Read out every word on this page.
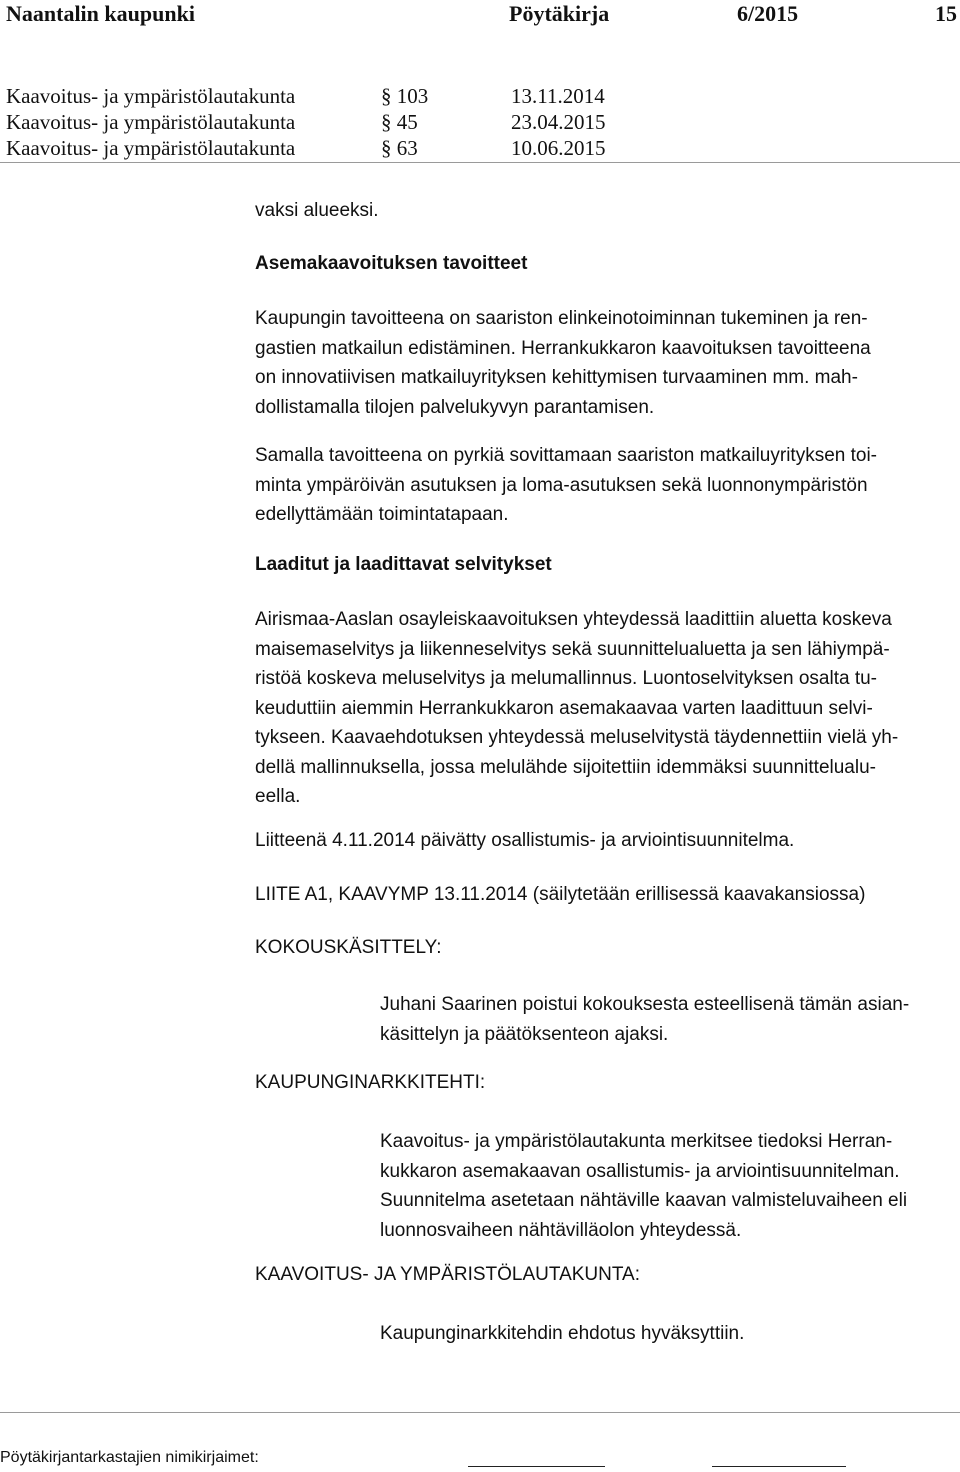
Naantalin kaupunki	Pöytäkirja	6/2015	15
Kaavoitus- ja ympäristölautakunta	§ 103	13.11.2014
Kaavoitus- ja ympäristölautakunta	§ 45	23.04.2015
Kaavoitus- ja ympäristölautakunta	§ 63	10.06.2015
vaksi alueeksi.
Asemakaavoituksen tavoitteet
Kaupungin tavoitteena on saariston elinkeinotoiminnan tukeminen ja ren-
gastien matkailun edistäminen. Herrankukkaron kaavoituksen tavoitteena
on innovatiivisen matkailuyrityksen kehittymisen turvaaminen mm. mah-
dollistamalla tilojen palvelukyvyn parantamisen.
Samalla tavoitteena on pyrkiä sovittamaan saariston matkailuyrityksen toi-
minta ympäröivän asutuksen ja loma-asutuksen sekä luonnonympäristön
edellyttämään toimintatapaan.
Laaditut ja laadittavat selvitykset
Airismaa-Aaslan osayleiskaavoituksen yhteydessä laadittiin aluetta koskeva
maisemaselvitys ja liikenneselvitys sekä suunnittelualuetta ja sen lähiympä-
ristöä koskeva meluselvitys ja melumallinnus. Luontoselvityksen osalta tu-
keuduttiin aiemmin Herrankukkaron asemakaavaa varten laadittuun selvi-
tykseen. Kaavaehdotuksen yhteydessä meluselvitystä täydennettiin vielä yh-
dellä mallinnuksella, jossa melulähde sijoitettiin idemmäksi suunnittelualu-
eella.
Liitteenä 4.11.2014 päivätty osallistumis- ja arviointisuunnitelma.
LIITE A1, KAAVYMP 13.11.2014 (säilytetään erillisessä kaavakansiossa)
KOKOUSKÄSITTELY:
Juhani Saarinen poistui kokouksesta esteellisenä tämän asian-
käsittelyn ja päätöksenteon ajaksi.
KAUPUNGINARKKITEHTI:
Kaavoitus- ja ympäristölautakunta merkitsee tiedoksi Herran-
kukkaron asemakaavan osallistumis- ja arviointisuunnitelman.
Suunnitelma asetetaan nähtäville kaavan valmisteluvaiheen eli
luonnosvaiheen nähtävilläolon yhteydessä.
KAAVOITUS- JA YMPÄRISTÖLAUTAKUNTA:
Kaupunginarkkitehdin ehdotus hyväksyttiin.
Pöytäkirjantarkastajien nimikirjaimet:
